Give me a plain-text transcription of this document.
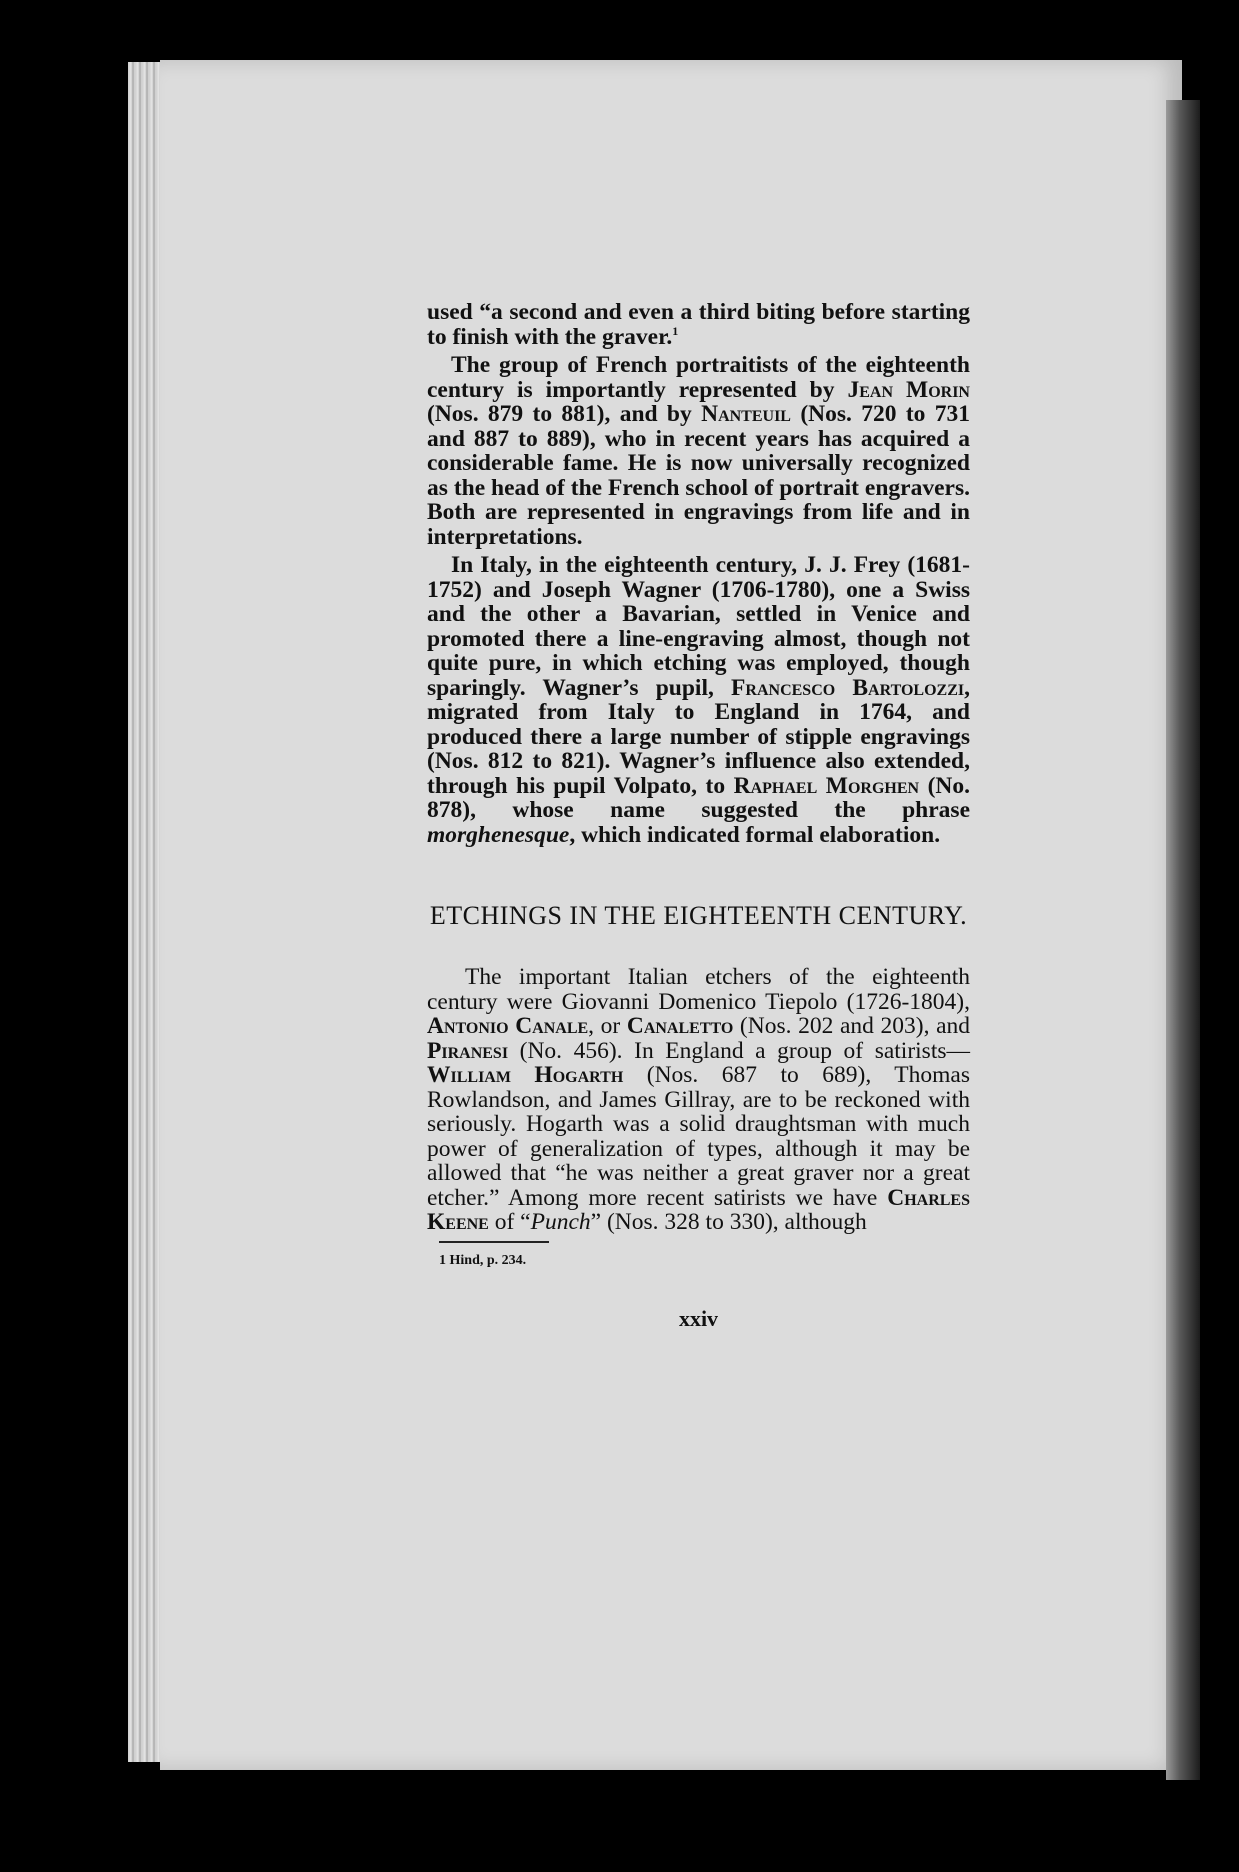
used “a second and even a third biting before starting to finish with the graver.$^1$

The group of French portraitists of the eighteenth century is importantly represented by Jean Morin (Nos. 879 to 881), and by Nanteuil (Nos. 720 to 731 and 887 to 889), who in recent years has acquired a considerable fame. He is now universally recognized as the head of the French school of portrait engravers. Both are represented in engravings from life and in interpretations.

In Italy, in the eighteenth century, J. J. Frey (1681-1752) and Joseph Wagner (1706-1780), one a Swiss and the other a Bavarian, settled in Venice and promoted there a line-engraving almost, though not quite pure, in which etching was employed, though sparingly. Wagner’s pupil, Francesco Bartolozzi, migrated from Italy to England in 1764, and produced there a large number of stipple engravings (Nos. 812 to 821). Wagner’s influence also extended, through his pupil Volpato, to Raphael Morghen (No. 878), whose name suggested the phrase morghenesque, which indicated formal elaboration.

ETCHINGS IN THE EIGHTEENTH CENTURY.

The important Italian etchers of the eighteenth century were Giovanni Domenico Tiepolo (1726-1804), Antonio Canale, or Canaletto (Nos. 202 and 203), and Piranesi (No. 456). In England a group of satirists—William Hogarth (Nos. 687 to 689), Thomas Rowlandson, and James Gillray, are to be reckoned with seriously. Hogarth was a solid draughtsman with much power of generalization of types, although it may be allowed that “he was neither a great graver nor a great etcher.” Among more recent satirists we have Charles Keene of “Punch” (Nos. 328 to 330), although

1 Hind, p. 234.
xxiv
